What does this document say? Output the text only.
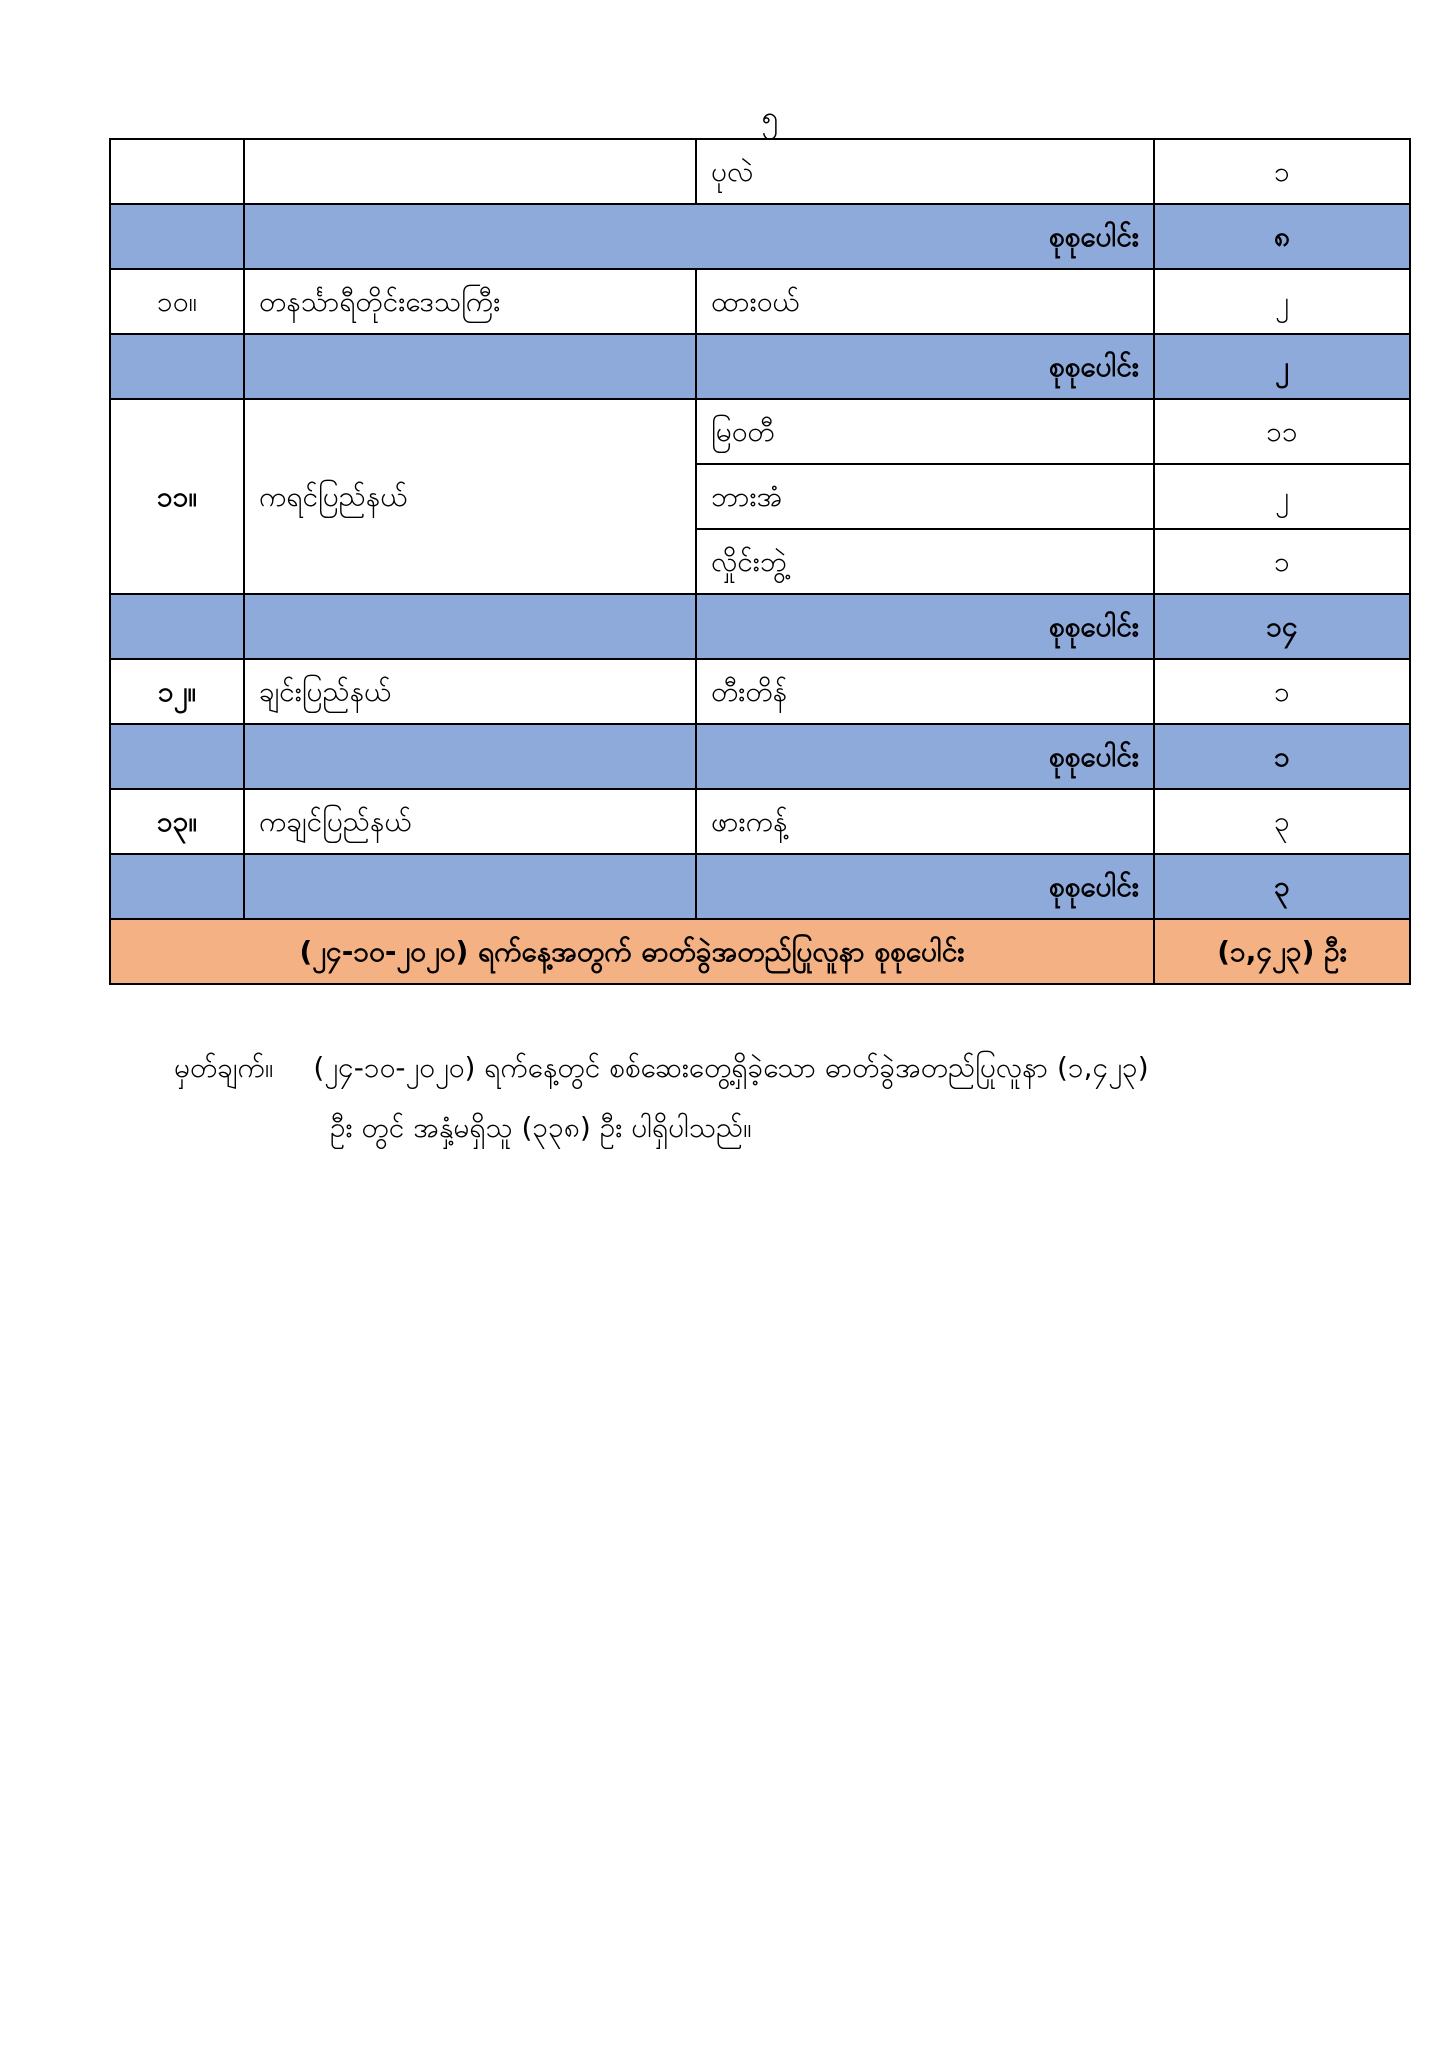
၅
		ပုလဲ	၁
	စုစုပေါင်း		၈
၁၀။	တနင်္သာရီတိုင်းဒေသကြီး	ထားဝယ်	၂
		စုစုပေါင်း	၂
၁၁။	ကရင်ပြည်နယ်	မြဝတီ	၁၁
		ဘားအံ	၂
		လှိုင်းဘွဲ့	၁
		စုစုပေါင်း	၁၄
၁၂။	ချင်းပြည်နယ်	တီးတိန်	၁
		စုစုပေါင်း	၁
၁၃။	ကချင်ပြည်နယ်	ဖားကန့်	၃
		စုစုပေါင်း	၃
(၂၄-၁၀-၂၀၂၀) ရက်နေ့အတွက် ဓာတ်ခွဲအတည်ပြုလူနာ စုစုပေါင်း			(၁,၄၂၃) ဦး
မှတ်ချက်။ (၂၄-၁၀-၂၀၂၀) ရက်နေ့တွင် စစ်ဆေးတွေ့ရှိခဲ့သော ဓာတ်ခွဲအတည်ပြုလူနာ (၁,၄၂၃)
ဦး တွင် အနှံ့မရှိသူ (၃၃၈) ဦး ပါရှိပါသည်။
